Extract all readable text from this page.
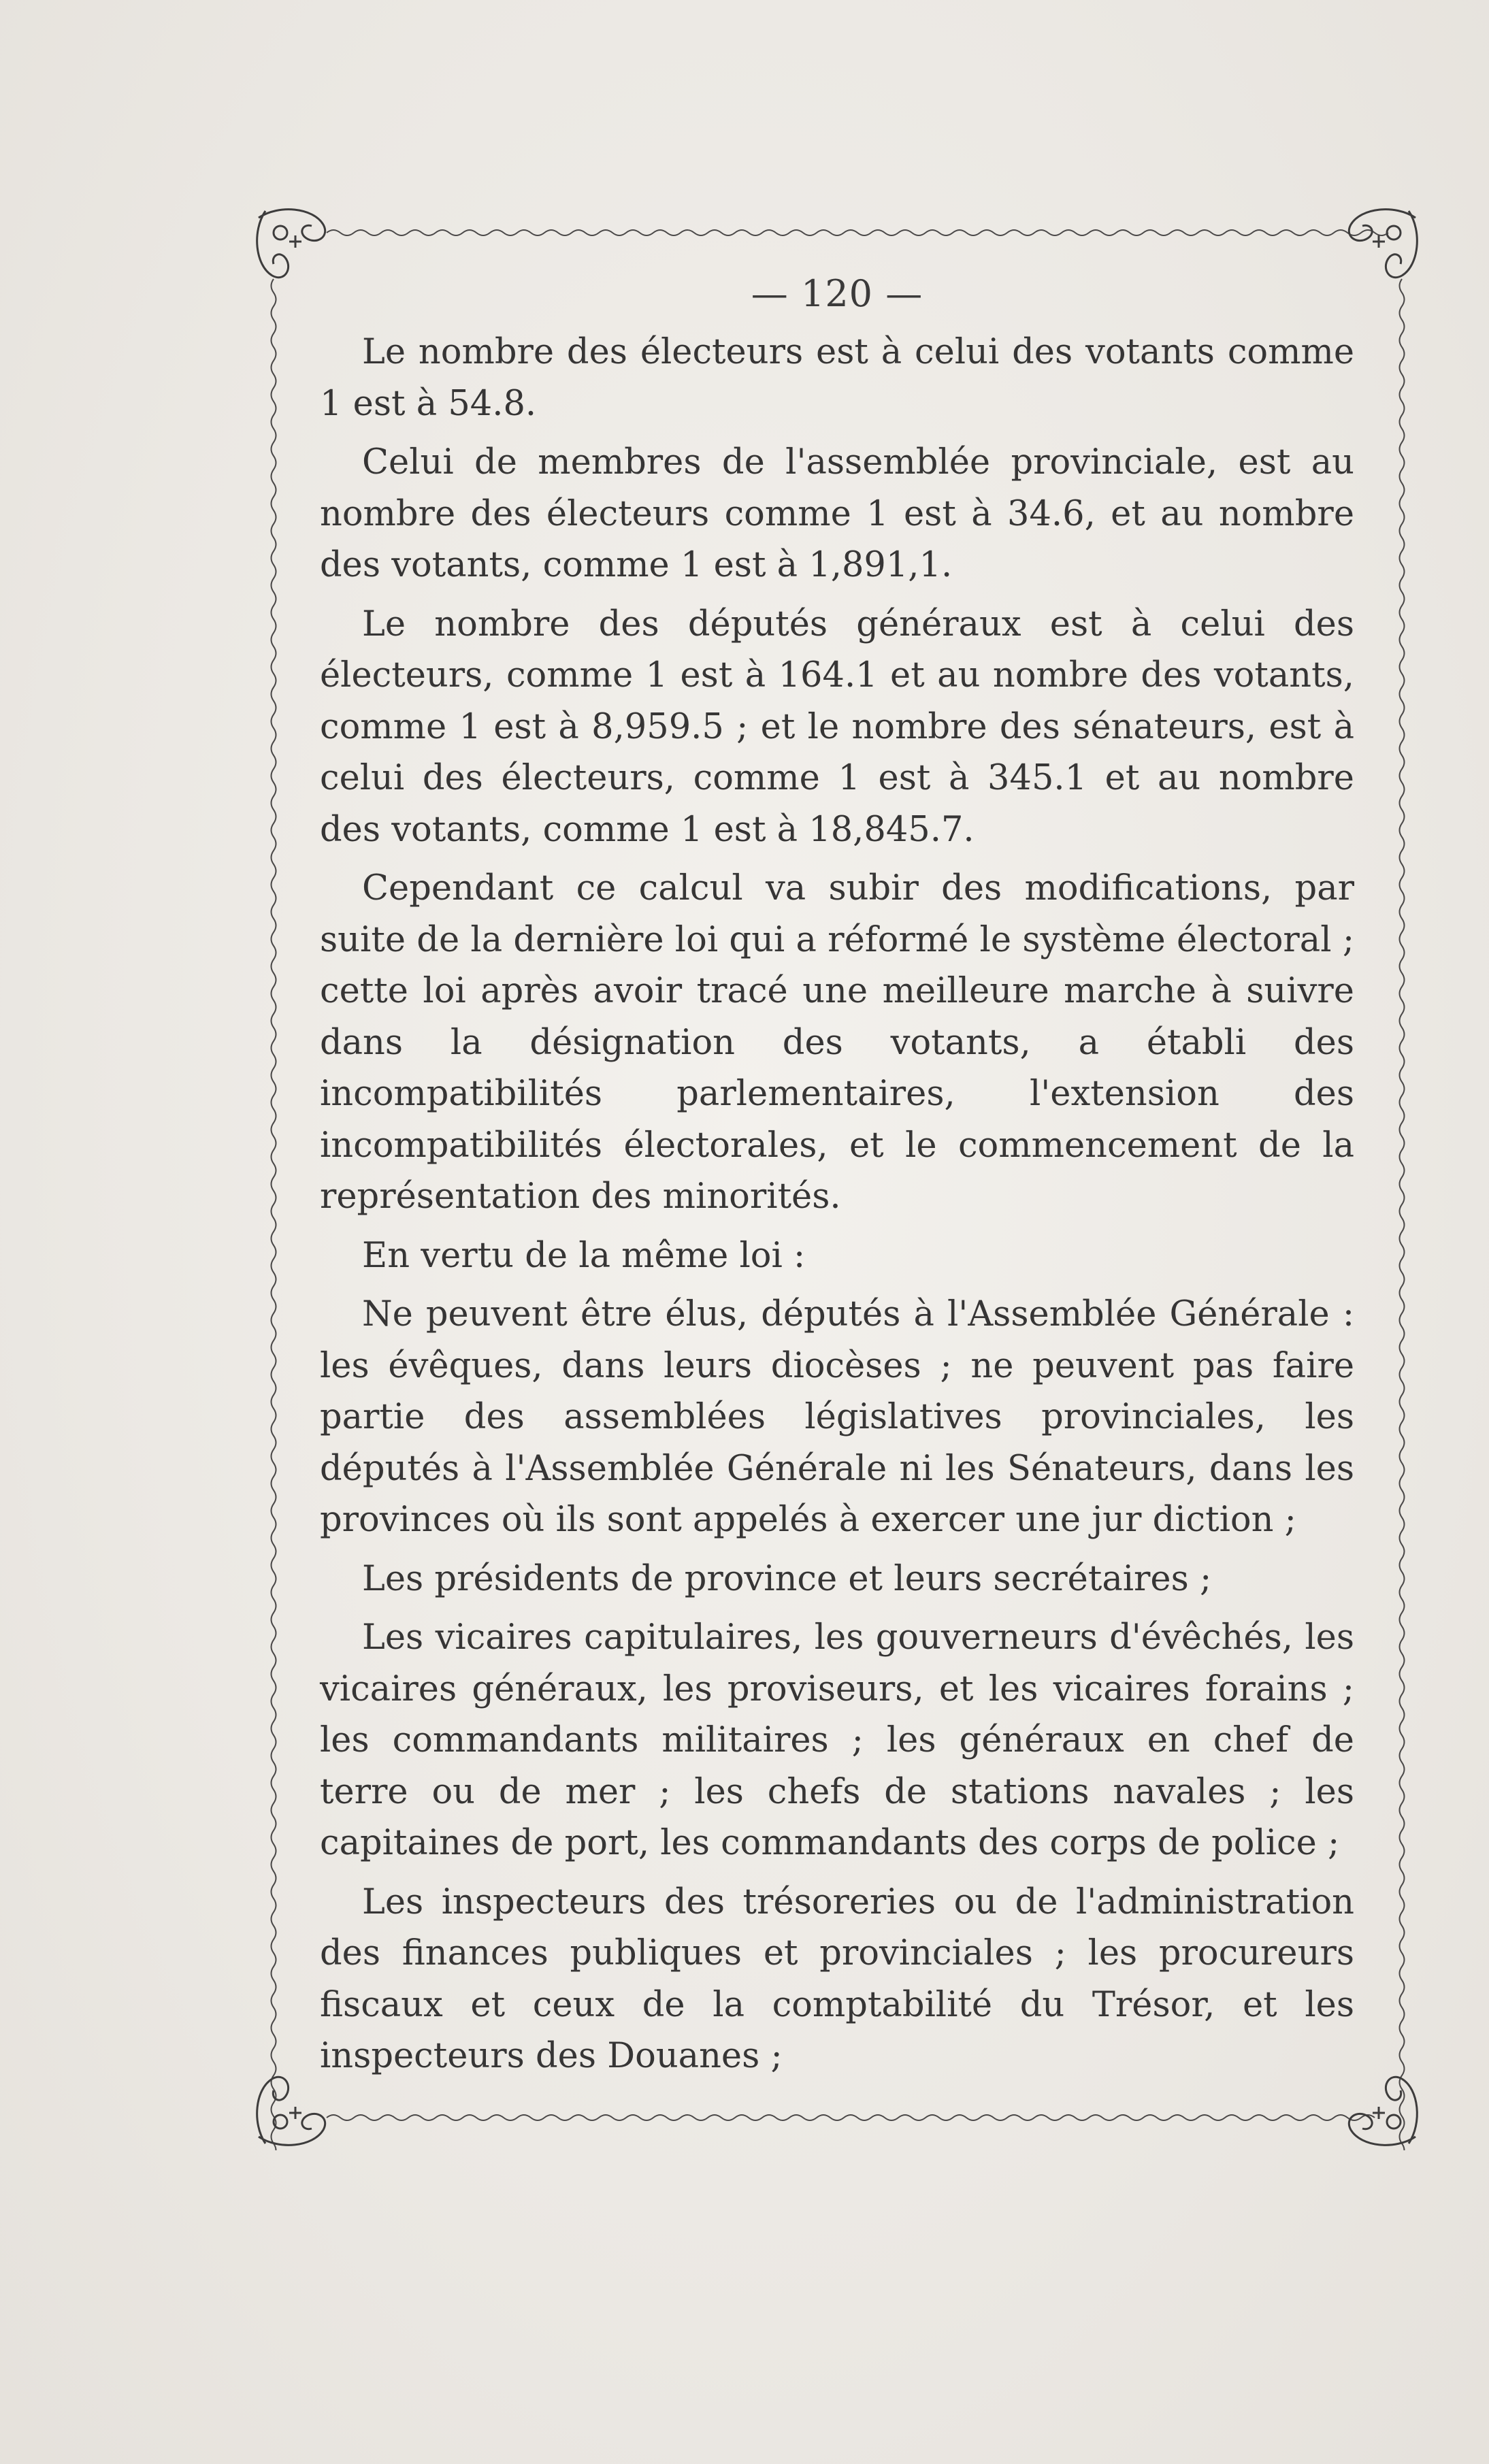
— 120 —

Le nombre des électeurs est à celui des votants comme 1 est à 54.8.

Celui de membres de l'assemblée provinciale, est au nombre des électeurs comme 1 est à 34.6, et au nombre des votants, comme 1 est à 1,891,1.

Le nombre des députés généraux est à celui des électeurs, comme 1 est à 164.1 et au nombre des votants, comme 1 est à 8,959.5 ; et le nombre des sénateurs, est à celui des électeurs, comme 1 est à 345.1 et au nombre des votants, comme 1 est à 18,845.7.

Cependant ce calcul va subir des modifications, par suite de la dernière loi qui a réformé le système électoral ; cette loi après avoir tracé une meilleure marche à suivre dans la désignation des votants, a établi des incompatibilités parlementaires, l'extension des incompatibilités électorales, et le commencement de la représentation des minorités.

En vertu de la même loi :

Ne peuvent être élus, députés à l'Assemblée Générale : les évêques, dans leurs diocèses ; ne peuvent pas faire partie des assemblées législatives provinciales, les députés à l'Assemblée Générale ni les Sénateurs, dans les provinces où ils sont appelés à exercer une jur diction ;

Les présidents de province et leurs secrétaires ;

Les vicaires capitulaires, les gouverneurs d'évêchés, les vicaires généraux, les proviseurs, et les vicaires forains ; les commandants militaires ; les généraux en chef de terre ou de mer ; les chefs de stations navales ; les capitaines de port, les commandants des corps de police ;

Les inspecteurs des trésoreries ou de l'administration des finances publiques et provinciales ; les procureurs fiscaux et ceux de la comptabilité du Trésor, et les inspecteurs des Douanes ;
